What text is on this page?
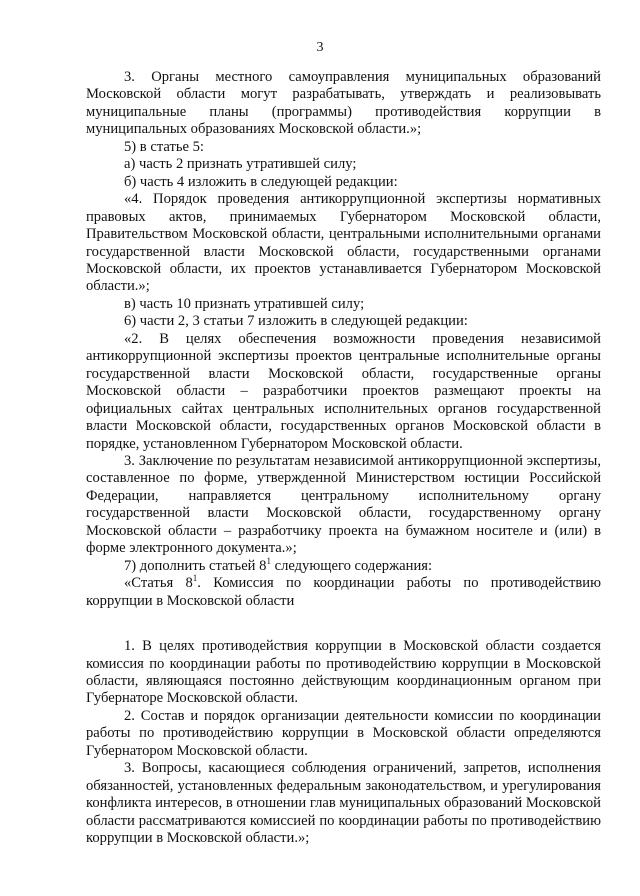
3

3. Органы местного самоуправления муниципальных образований Московской области могут разрабатывать, утверждать и реализовывать муниципальные планы (программы) противодействия коррупции в муниципальных образованиях Московской области.»;

5) в статье 5:

а) часть 2 признать утратившей силу;

б) часть 4 изложить в следующей редакции:

«4. Порядок проведения антикоррупционной экспертизы нормативных правовых актов, принимаемых Губернатором Московской области, Правительством Московской области, центральными исполнительными органами государственной власти Московской области, государственными органами Московской области, их проектов устанавливается Губернатором Московской области.»;

в) часть 10 признать утратившей силу;

6) части 2, 3 статьи 7 изложить в следующей редакции:

«2. В целях обеспечения возможности проведения независимой антикоррупционной экспертизы проектов центральные исполнительные органы государственной власти Московской области, государственные органы Московской области – разработчики проектов размещают проекты на официальных сайтах центральных исполнительных органов государственной власти Московской области, государственных органов Московской области в порядке, установленном Губернатором Московской области.

3. Заключение по результатам независимой антикоррупционной экспертизы, составленное по форме, утвержденной Министерством юстиции Российской Федерации, направляется центральному исполнительному органу государственной власти Московской области, государственному органу Московской области – разработчику проекта на бумажном носителе и (или) в форме электронного документа.»;

7) дополнить статьей $8^1$ следующего содержания:

«Статья $8^1$. Комиссия по координации работы по противодействию коррупции в Московской области

1. В целях противодействия коррупции в Московской области создается комиссия по координации работы по противодействию коррупции в Московской области, являющаяся постоянно действующим координационным органом при Губернаторе Московской области.

2. Состав и порядок организации деятельности комиссии по координации работы по противодействию коррупции в Московской области определяются Губернатором Московской области.

3. Вопросы, касающиеся соблюдения ограничений, запретов, исполнения обязанностей, установленных федеральным законодательством, и урегулирования конфликта интересов, в отношении глав муниципальных образований Московской области рассматриваются комиссией по координации работы по противодействию коррупции в Московской области.»;
